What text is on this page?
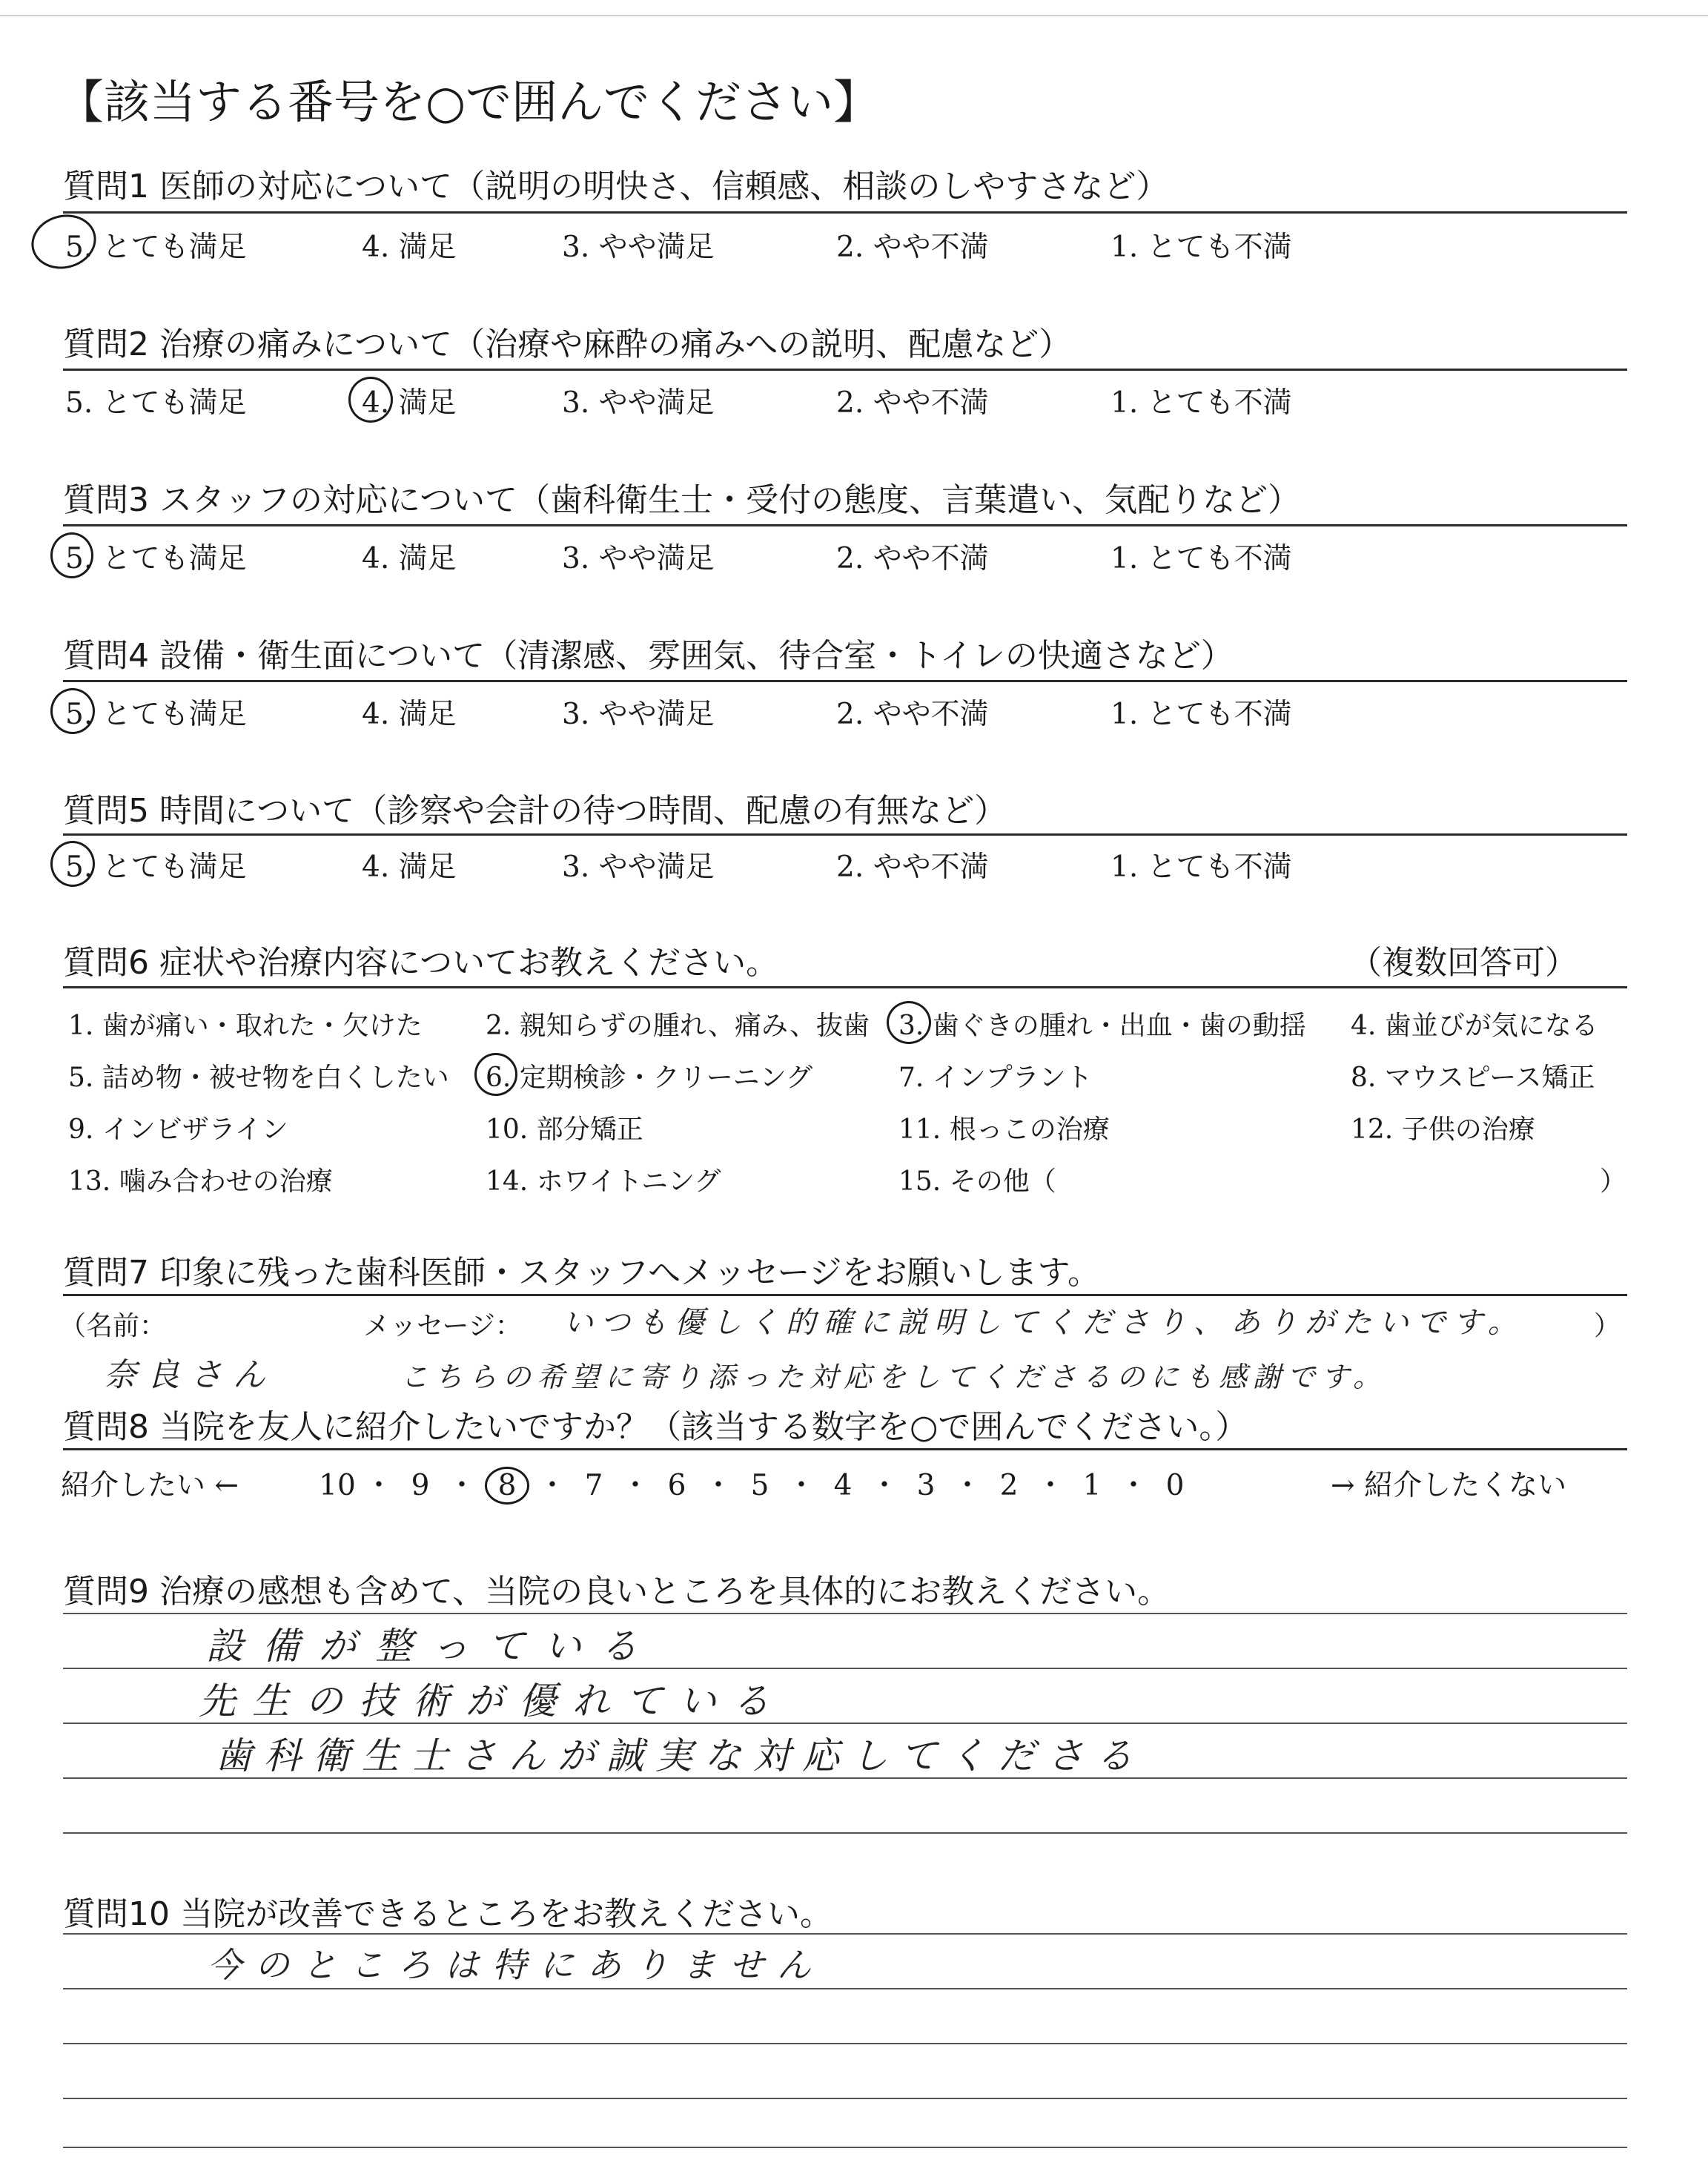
【該当する番号を○で囲んでください】
質問1 医師の対応について（説明の明快さ、信頼感、相談のしやすさなど）
5. とても満足	4. 満足	3. やや満足	2. やや不満	1. とても不満
質問2 治療の痛みについて（治療や麻酔の痛みへの説明、配慮など）
5. とても満足	4. 満足	3. やや満足	2. やや不満	1. とても不満
質問3 スタッフの対応について（歯科衛生士・受付の態度、言葉遣い、気配りなど）
5. とても満足	4. 満足	3. やや満足	2. やや不満	1. とても不満
質問4 設備・衛生面について（清潔感、雰囲気、待合室・トイレの快適さなど）
5. とても満足	4. 満足	3. やや満足	2. やや不満	1. とても不満
質問5 時間について（診察や会計の待つ時間、配慮の有無など）
5. とても満足	4. 満足	3. やや満足	2. やや不満	1. とても不満
質問6 症状や治療内容についてお教えください。	（複数回答可）
1. 歯が痛い・取れた・欠けた 2. 親知らずの腫れ、痛み、抜歯 3. 歯ぐきの腫れ・出血・歯の動揺 4. 歯並びが気になる
5. 詰め物・被せ物を白くしたい 6. 定期検診・クリーニング	7. インプラント	8. マウスピース矯正
9. インビザライン	10. 部分矯正	11. 根っこの治療	12. 子供の治療
13. 噛み合わせの治療	14. ホワイトニング	15. その他（	）
質問7 印象に残った歯科医師・スタッフへメッセージをお願いします。
（名前：	メッセージ：	）
いつも優しく的確に説明してくださり、ありがたいです。
奈良さん	こちらの希望に寄り添った対応をしてくださるのにも感謝です。
質問8 当院を友人に紹介したいですか？（該当する数字を○で囲んでください。）
紹介したい ←	10 ・ 9 ・ 8 ・ 7 ・ 6 ・ 5 ・ 4 ・ 3 ・ 2 ・ 1 ・ 0	→ 紹介したくない
質問9 治療の感想も含めて、当院の良いところを具体的にお教えください。
設備が整っている
先生の技術が優れている
歯科衛生士さんが誠実な対応してくださる
質問10 当院が改善できるところをお教えください。
今のところは特にありません
